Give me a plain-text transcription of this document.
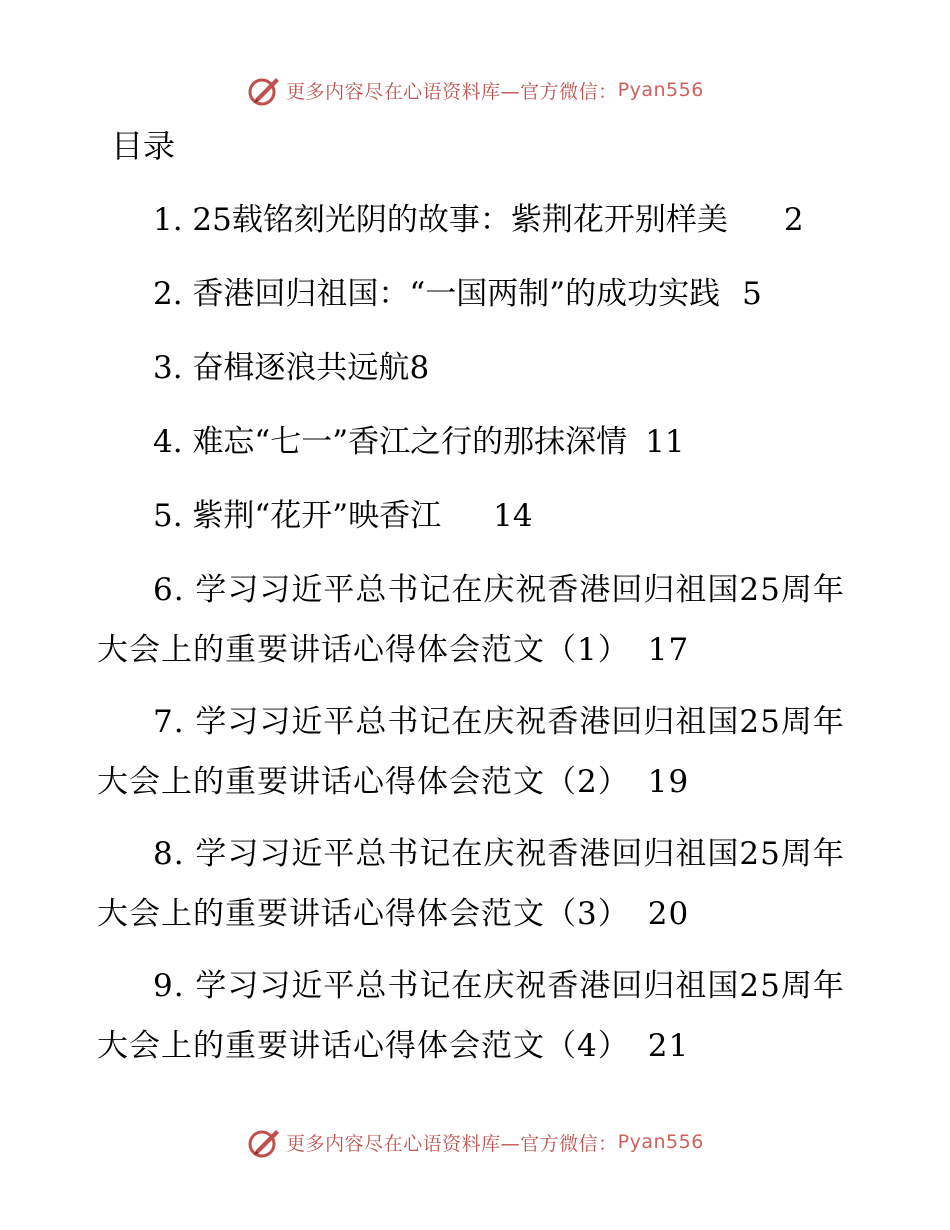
更多内容尽在心语资料库—官方微信： Pyan556
目录

1. 25载铭刻光阴的故事：紫荆花开别样美 2

2. 香港回归祖国：“一国两制”的成功实践 5

3. 奋楫逐浪共远航8

4. 难忘“七一”香江之行的那抹深情 11

5. 紫荆“花开”映香江 14

6. 学习习近平总书记在庆祝香港回归祖国25周年大会上的重要讲话心得体会范文（1） 17

7. 学习习近平总书记在庆祝香港回归祖国25周年大会上的重要讲话心得体会范文（2） 19

8. 学习习近平总书记在庆祝香港回归祖国25周年大会上的重要讲话心得体会范文（3） 20

9. 学习习近平总书记在庆祝香港回归祖国25周年大会上的重要讲话心得体会范文（4） 21

更多内容尽在心语资料库—官方微信： Pyan556
